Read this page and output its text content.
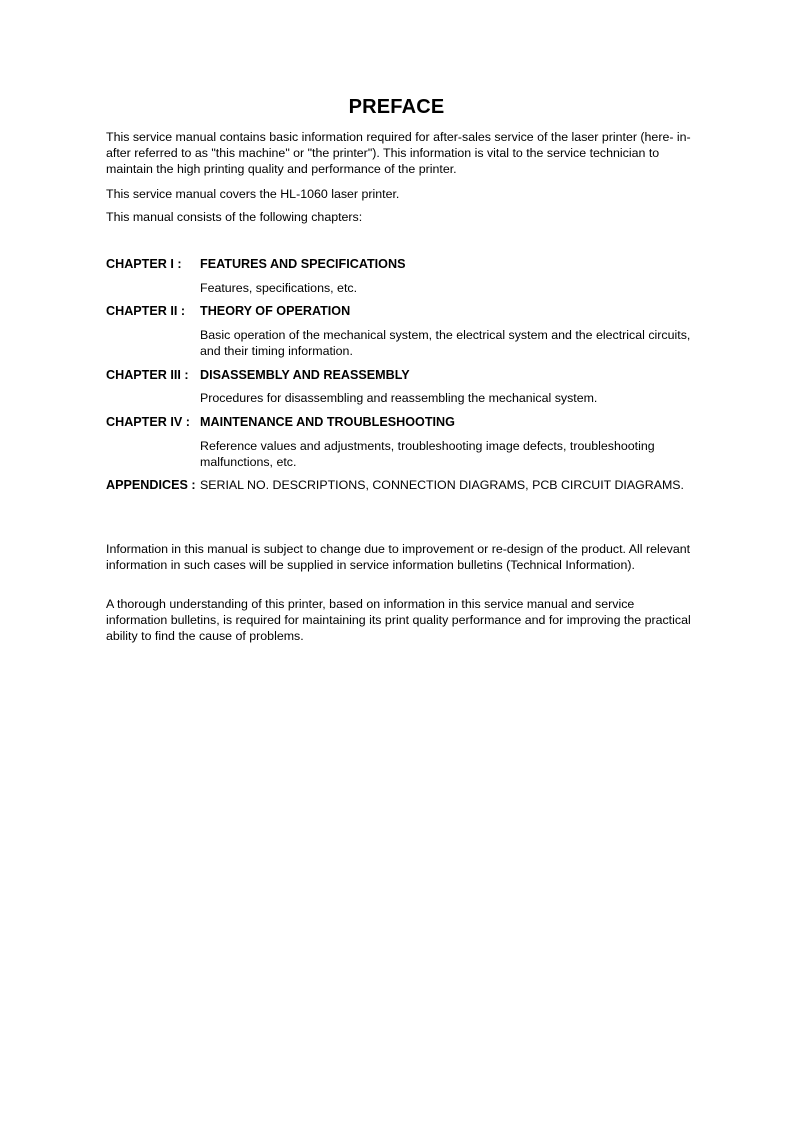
PREFACE

This service manual contains basic information required for after-sales service of the laser printer (here- in-after referred to as "this machine" or "the printer"). This information is vital to the service technician to maintain the high printing quality and performance of the printer.

This service manual covers the HL-1060 laser printer.

This manual consists of the following chapters:

CHAPTER I :	FEATURES AND SPECIFICATIONS
Features, specifications, etc.
CHAPTER II :	THEORY OF OPERATION
Basic operation of the mechanical system, the electrical system and the electrical circuits, and their timing information.
CHAPTER III : DISASSEMBLY AND REASSEMBLY
Procedures for disassembling and reassembling the mechanical system.
CHAPTER IV : MAINTENANCE AND TROUBLESHOOTING
Reference values and adjustments, troubleshooting image defects, troubleshooting malfunctions, etc.
APPENDICES : SERIAL NO. DESCRIPTIONS, CONNECTION DIAGRAMS, PCB CIRCUIT DIAGRAMS.

Information in this manual is subject to change due to improvement or re-design of the product. All relevant information in such cases will be supplied in service information bulletins (Technical Information).

A thorough understanding of this printer, based on information in this service manual and service information bulletins, is required for maintaining its print quality performance and for improving the practical ability to find the cause of problems.
